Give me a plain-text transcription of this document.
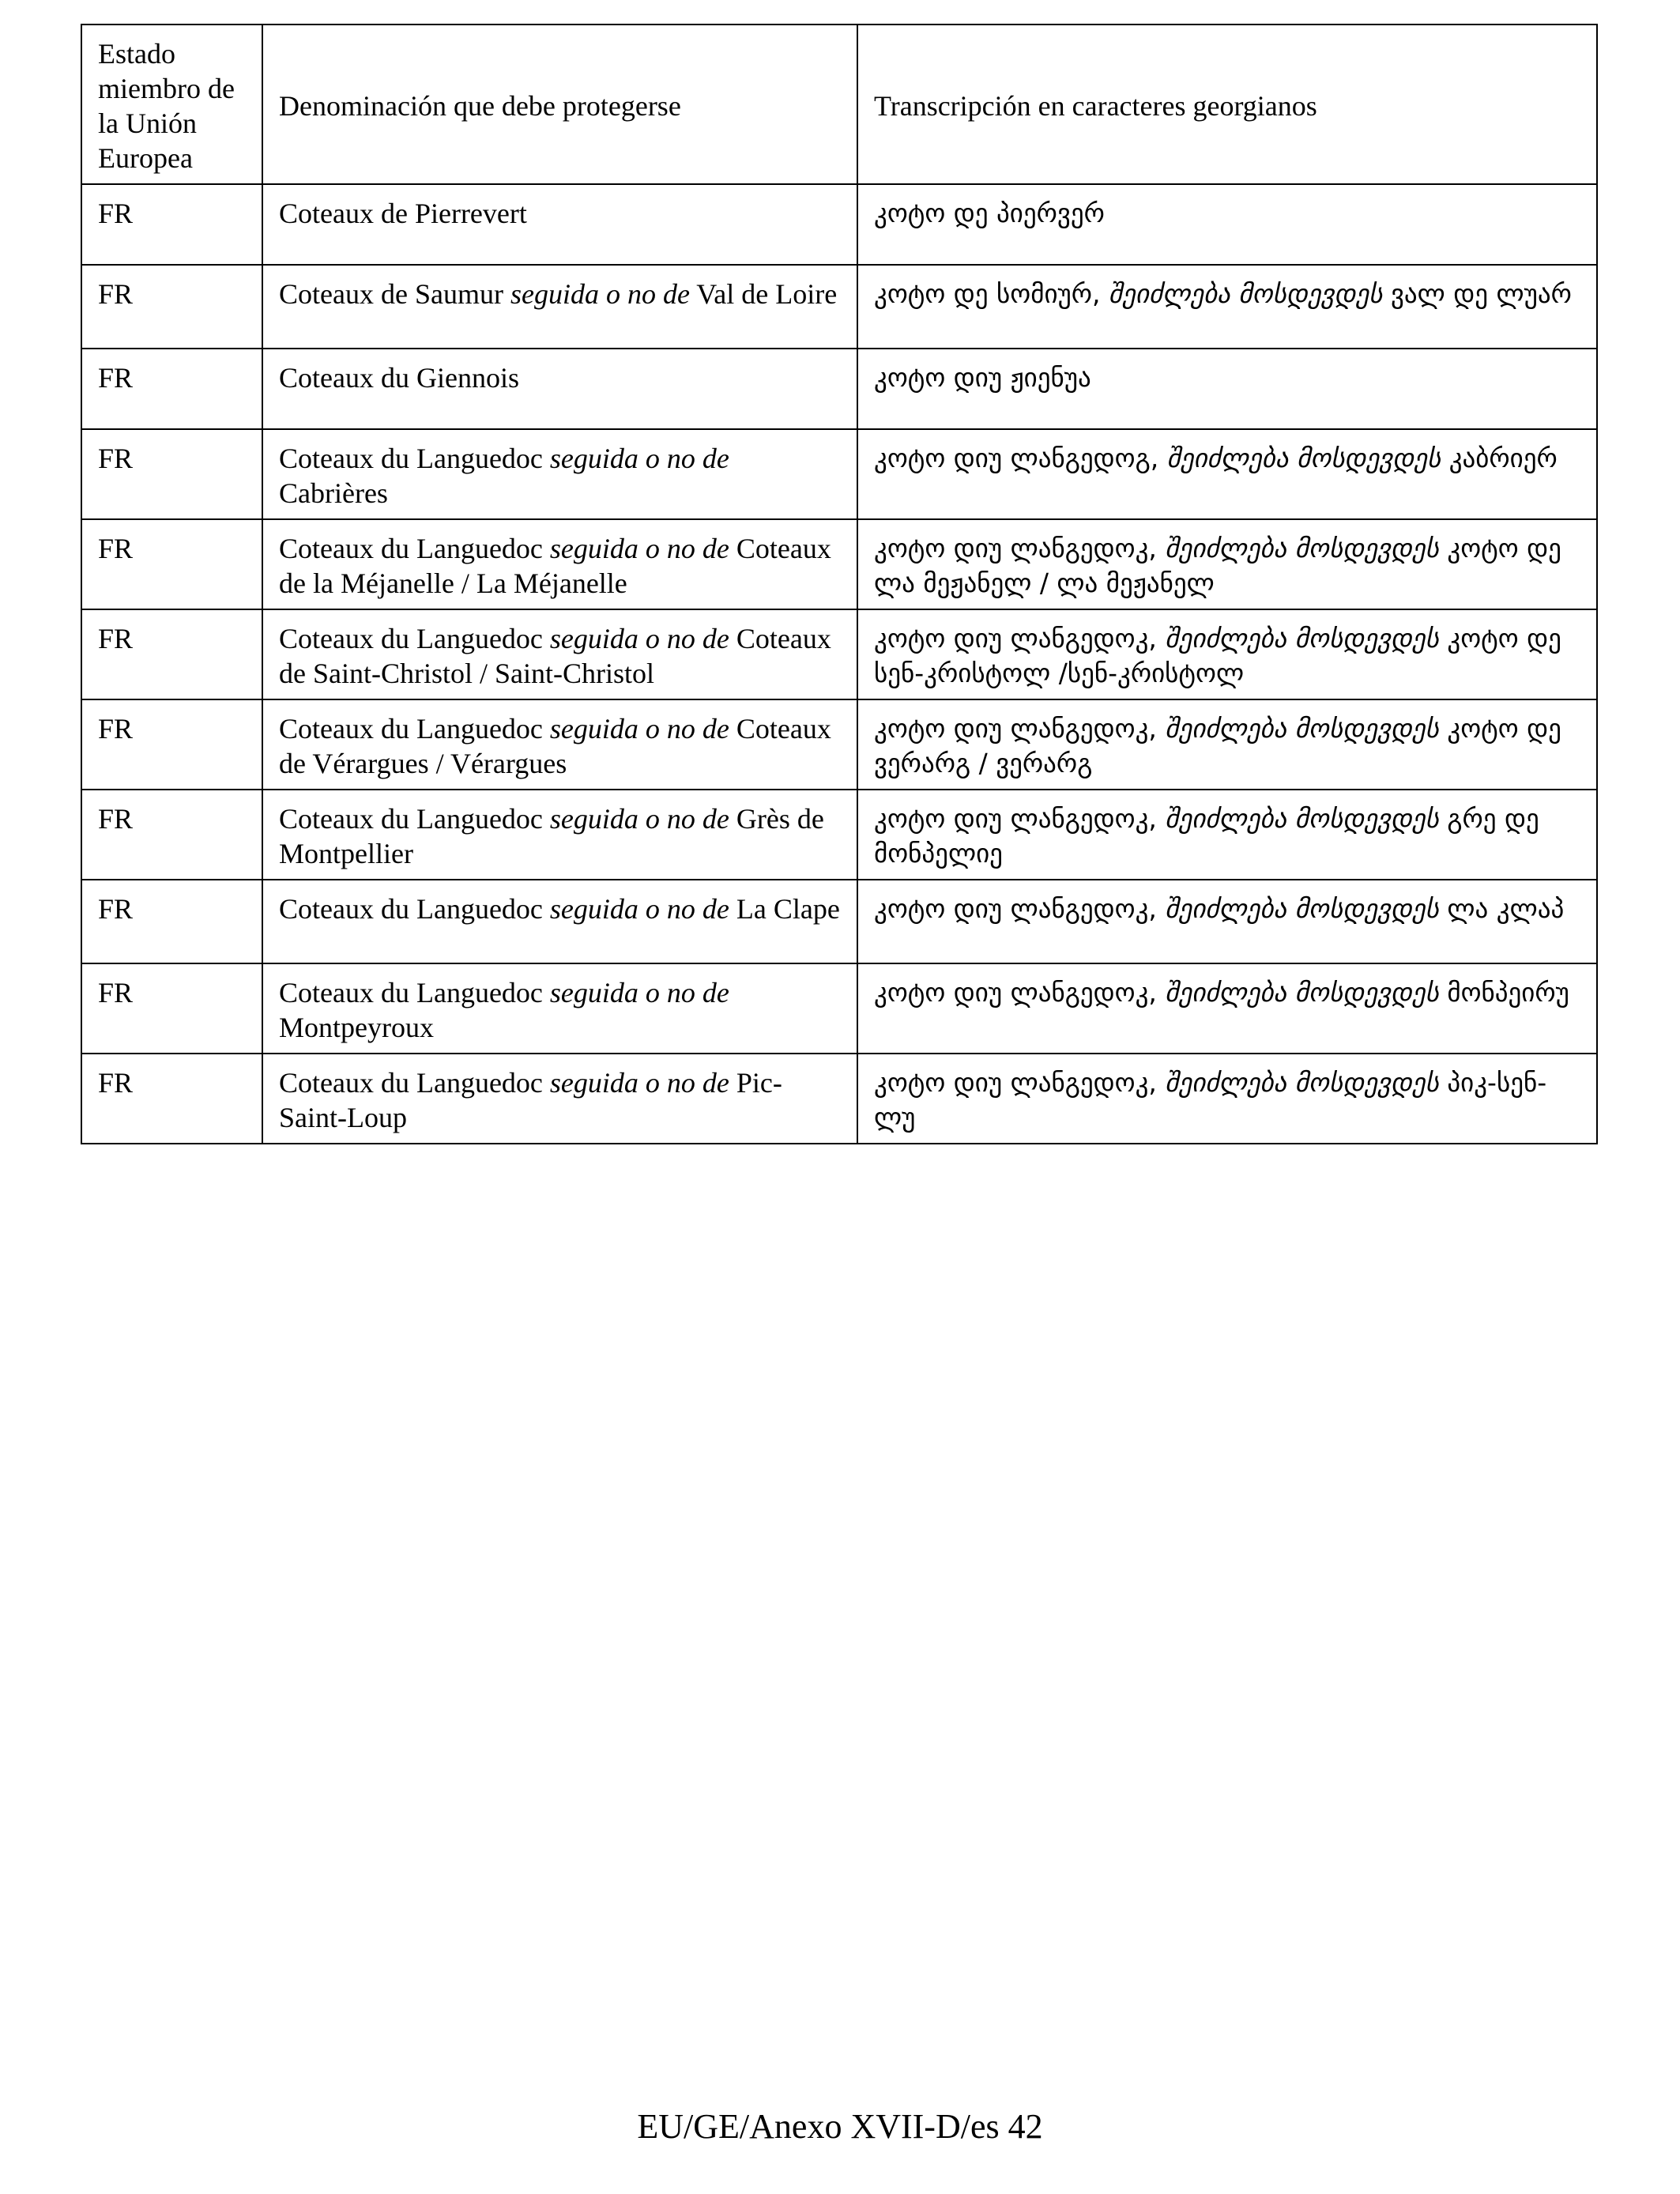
Estado miembro de la Unión Europea	Denominación que debe protegerse	Transcripción en caracteres georgianos
FR	Coteaux de Pierrevert	კოტო დე პიერვერ
FR	Coteaux de Saumur seguida o no de Val de Loire	კოტო დე სომიურ, შეიძლება მოსდევდეს ვალ დე ლუარ
FR	Coteaux du Giennois	კოტო დიუ ჟიენუა
FR	Coteaux du Languedoc seguida o no de Cabrières	კოტო დიუ ლანგედოგ, შეიძლება მოსდევდეს კაბრიერ
FR	Coteaux du Languedoc seguida o no de Coteaux de la Méjanelle / La Méjanelle	კოტო დიუ ლანგედოკ, შეიძლება მოსდევდეს კოტო დე ლა მეჟანელ / ლა მეჟანელ
FR	Coteaux du Languedoc seguida o no de Coteaux de Saint-Christol / Saint-Christol	კოტო დიუ ლანგედოკ, შეიძლება მოსდევდეს კოტო დე სენ-კრისტოლ /სენ-კრისტოლ
FR	Coteaux du Languedoc seguida o no de Coteaux de Vérargues / Vérargues	კოტო დიუ ლანგედოკ, შეიძლება მოსდევდეს კოტო დე ვერარგ / ვერარგ
FR	Coteaux du Languedoc seguida o no de Grès de Montpellier	კოტო დიუ ლანგედოკ, შეიძლება მოსდევდეს გრე დე მონპელიე
FR	Coteaux du Languedoc seguida o no de La Clape	კოტო დიუ ლანგედოკ, შეიძლება მოსდევდეს ლა კლაპ
FR	Coteaux du Languedoc seguida o no de Montpeyroux	კოტო დიუ ლანგედოკ, შეიძლება მოსდევდეს მონპეირუ
FR	Coteaux du Languedoc seguida o no de Pic-Saint-Loup	კოტო დიუ ლანგედოკ, შეიძლება მოსდევდეს პიკ-სენ-ლუ
EU/GE/Anexo XVII-D/es 42
